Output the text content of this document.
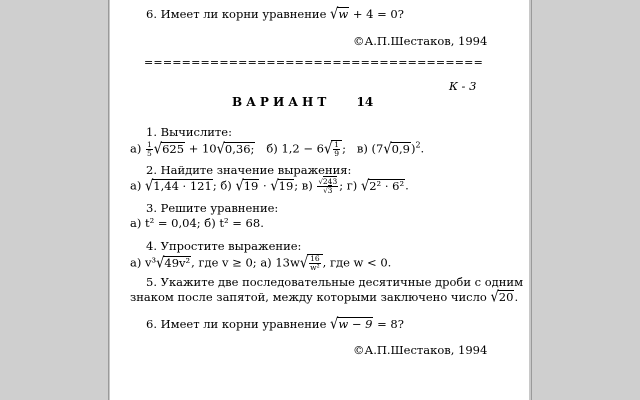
6. Имеет ли корни уравнение √w + 4 = 0?
©А.П.Шестаков, 1994
====================================
К - 3
ВАРИАНТ 14
1. Вычислите:
$а) \frac{1}{5} √625 + 10√0,36$; б) $1,2 - 6√ \frac{1}{9}$ ; в) $(7√0,9)^2$.
2. Найдите значение выражения:
а) √1,44 · 121; б) √19 · √19; $в) \frac{√243}{√3}$ ; г) √2² · 6².
3. Решите уравнение:
а) t² = 0,04; б) t² = 68.
4. Упростите выражение:
а) v³√49v², где v ≥ 0; а) $13w√ \frac{16}{\text{w²}}$ , где w < 0.
5. Укажите две последовательные десятичные дроби с одним
знаком после запятой, между которыми заключено число √20.
6. Имеет ли корни уравнение √w − 9 = 8?
©А.П.Шестаков, 1994
